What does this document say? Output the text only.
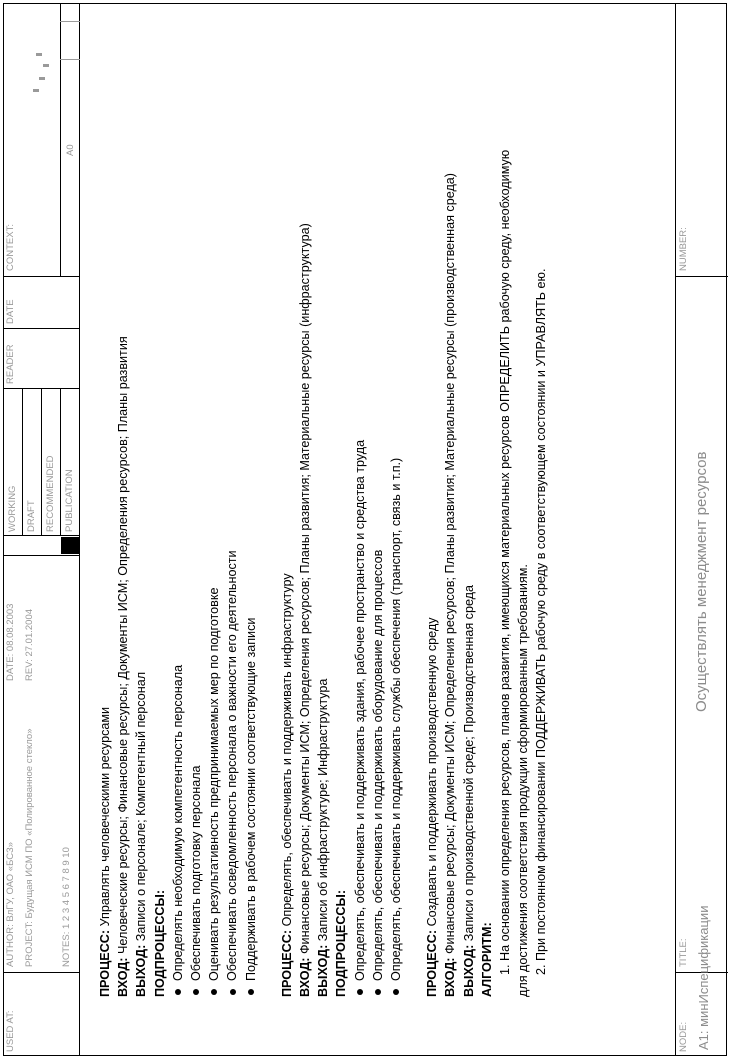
USED AT:
AUTHOR: ВлГУ, ОАО «БСЗ»
DATE: 08.08.2003
PROJECT: Будущая ИСМ ПО «Полированное стекло»
REV: 27.01.2004
NOTES: 1 2 3 4 5 6 7 8 9 10
WORKING DRAFT RECOMMENDED PUBLICATION
READER
DATE
CONTEXT:
A0
ПРОЦЕСС: Управлять человеческими ресурсами
ВХОД: Человеческие ресурсы; Финансовые ресурсы; Документы ИСМ; Определения ресурсов; Планы развития
ВЫХОД: Записи о персонале; Компетентный персонал
ПОДПРОЦЕССЫ: Определять необходимую компетентность персонала Обеспечивать подготовку персонала Оценивать результативность предпринимаемых мер по подготовке Обеспечивать осведомленность персонала о важности его деятельности Поддерживать в рабочем состоянии соответствующие записи ПРОЦЕСС: Определять, обеспечивать и поддерживать инфраструктуру
ВХОД: Финансовые ресурсы; Документы ИСМ; Определения ресурсов; Планы развития; Материальные ресурсы (инфраструктура)
ВЫХОД: Записи об инфраструктуре; Инфраструктура
ПОДПРОЦЕССЫ: Определять, обеспечивать и поддерживать здания, рабочее пространство и средства труда Определять, обеспечивать и поддерживать оборудование для процессов Определять, обеспечивать и поддерживать службы обеспечения (транспорт, связь и т.п.) ПРОЦЕСС: Создавать и поддерживать производственную среду
ВХОД: Финансовые ресурсы; Документы ИСМ; Определения ресурсов; Планы развития; Материальные ресурсы (производственная среда)
ВЫХОД: Записи о производственной среде; Производственная среда
АЛГОРИТМ: 1. На основании определения ресурсов, планов развития, имеющихся материальных ресурсов ОПРЕДЕЛИТЬ рабочую среду, необходимую для достижения соответствия продукции сформированным требованиям. 2. При постоянном финансировании ПОДДЕРЖИВАТЬ рабочую среду в соответствующем состоянии и УПРАВЛЯТЬ ею.
NODE: A1: минИспецификации
TITLE:
Осуществлять менеджмент ресурсов
NUMBER:
